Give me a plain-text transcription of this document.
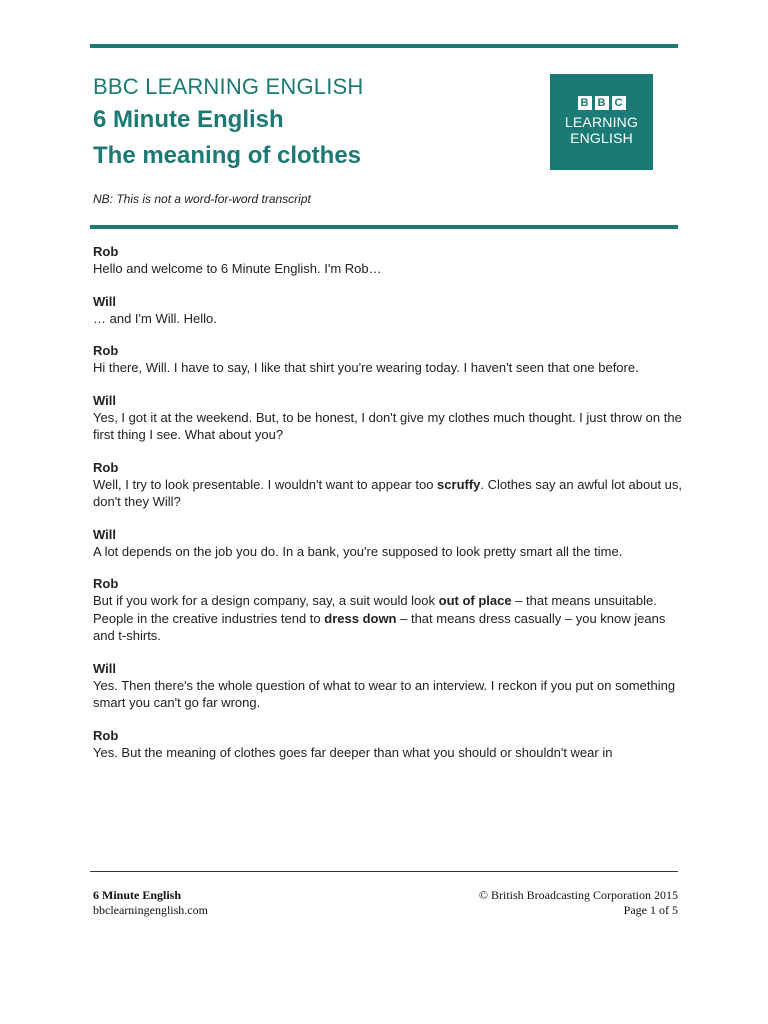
BBC LEARNING ENGLISH
6 Minute English
The meaning of clothes
B B C
LEARNING
ENGLISH
NB: This is not a word-for-word transcript
Rob
Hello and welcome to 6 Minute English. I'm Rob…
Will
… and I'm Will. Hello.
Rob
Hi there, Will. I have to say, I like that shirt you're wearing today. I haven't seen that one before.
Will
Yes, I got it at the weekend. But, to be honest, I don't give my clothes much thought. I just throw on the first thing I see. What about you?
Rob
Well, I try to look presentable. I wouldn't want to appear too scruffy. Clothes say an awful lot about us, don't they Will?
Will
A lot depends on the job you do. In a bank, you're supposed to look pretty smart all the time.
Rob
But if you work for a design company, say, a suit would look out of place – that means unsuitable. People in the creative industries tend to dress down – that means dress casually – you know jeans and t-shirts.
Will
Yes. Then there's the whole question of what to wear to an interview. I reckon if you put on something smart you can't go far wrong.
Rob
Yes. But the meaning of clothes goes far deeper than what you should or shouldn't wear in
6 Minute English
bbclearningenglish.com
© British Broadcasting Corporation 2015
Page 1 of 5
